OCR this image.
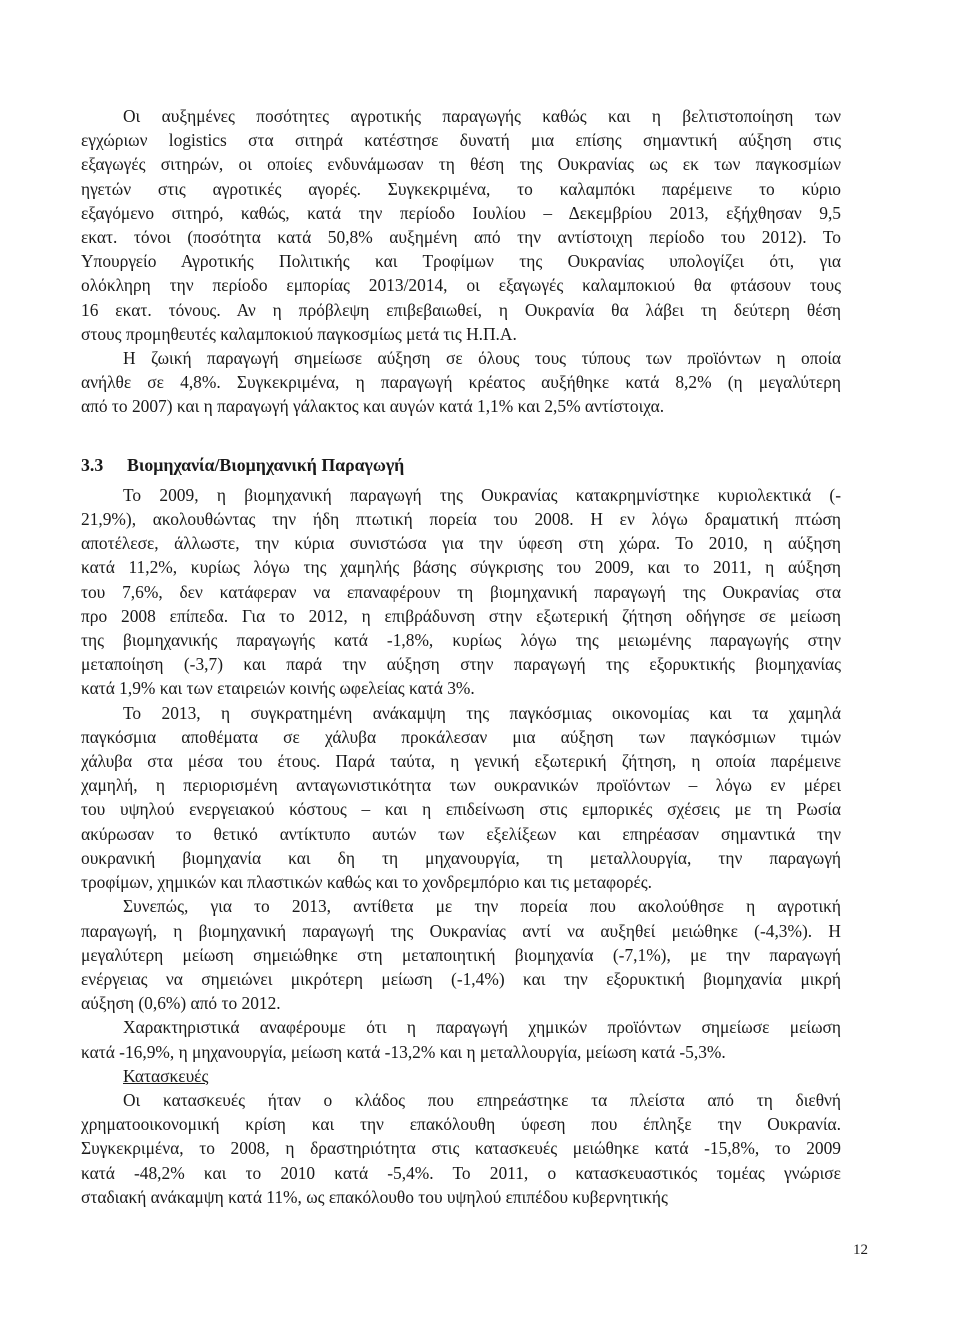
Οι αυξημένες ποσότητες αγροτικής παραγωγής καθώς και η βελτιστοποίηση των
εγχώριων logistics στα σιτηρά κατέστησε δυνατή μια επίσης σημαντική αύξηση στις
εξαγωγές σιτηρών, οι οποίες ενδυνάμωσαν τη θέση της Ουκρανίας ως εκ των παγκοσμίων
ηγετών στις αγροτικές αγορές. Συγκεκριμένα, το καλαμπόκι παρέμεινε το κύριο
εξαγόμενο σιτηρό, καθώς, κατά την περίοδο Ιουλίου – Δεκεμβρίου 2013, εξήχθησαν 9,5
εκατ. τόνοι (ποσότητα κατά 50,8% αυξημένη από την αντίστοιχη περίοδο του 2012). Το
Υπουργείο Αγροτικής Πολιτικής και Τροφίμων της Ουκρανίας υπολογίζει ότι, για
ολόκληρη την περίοδο εμπορίας 2013/2014, οι εξαγωγές καλαμποκιού θα φτάσουν τους
16 εκατ. τόνους. Αν η πρόβλεψη επιβεβαιωθεί, η Ουκρανία θα λάβει τη δεύτερη θέση
στους προμηθευτές καλαμποκιού παγκοσμίως μετά τις Η.Π.Α.

Η ζωική παραγωγή σημείωσε αύξηση σε όλους τους τύπους των προϊόντων η οποία
ανήλθε σε 4,8%. Συγκεκριμένα, η παραγωγή κρέατος αυξήθηκε κατά 8,2% (η μεγαλύτερη
από το 2007) και η παραγωγή γάλακτος και αυγών κατά 1,1% και 2,5% αντίστοιχα.

3.3	Βιομηχανία/Βιομηχανική Παραγωγή

Το 2009, η βιομηχανική παραγωγή της Ουκρανίας κατακρημνίστηκε κυριολεκτικά (-
21,9%), ακολουθώντας την ήδη πτωτική πορεία του 2008. Η εν λόγω δραματική πτώση
αποτέλεσε, άλλωστε, την κύρια συνιστώσα για την ύφεση στη χώρα. Το 2010, η αύξηση
κατά 11,2%, κυρίως λόγω της χαμηλής βάσης σύγκρισης του 2009, και το 2011, η αύξηση
του 7,6%, δεν κατάφεραν να επαναφέρουν τη βιομηχανική παραγωγή της Ουκρανίας στα
προ 2008 επίπεδα. Για το 2012, η επιβράδυνση στην εξωτερική ζήτηση οδήγησε σε μείωση
της βιομηχανικής παραγωγής κατά -1,8%, κυρίως λόγω της μειωμένης παραγωγής στην
μεταποίηση (-3,7) και παρά την αύξηση στην παραγωγή της εξορυκτικής βιομηχανίας
κατά 1,9% και των εταιρειών κοινής ωφελείας κατά 3%.

Το 2013, η συγκρατημένη ανάκαμψη της παγκόσμιας οικονομίας και τα χαμηλά
παγκόσμια αποθέματα σε χάλυβα προκάλεσαν μια αύξηση των παγκόσμιων τιμών
χάλυβα στα μέσα του έτους. Παρά ταύτα, η γενική εξωτερική ζήτηση, η οποία παρέμεινε
χαμηλή, η περιορισμένη ανταγωνιστικότητα των ουκρανικών προϊόντων – λόγω εν μέρει
του υψηλού ενεργειακού κόστους – και η επιδείνωση στις εμπορικές σχέσεις με τη Ρωσία
ακύρωσαν το θετικό αντίκτυπο αυτών των εξελίξεων και επηρέασαν σημαντικά την
ουκρανική βιομηχανία και δη τη μηχανουργία, τη μεταλλουργία, την παραγωγή
τροφίμων, χημικών και πλαστικών καθώς και το χονδρεμπόριο και τις μεταφορές.

Συνεπώς, για το 2013, αντίθετα με την πορεία που ακολούθησε η αγροτική
παραγωγή, η βιομηχανική παραγωγή της Ουκρανίας αντί να αυξηθεί μειώθηκε (-4,3%). Η
μεγαλύτερη μείωση σημειώθηκε στη μεταποιητική βιομηχανία (-7,1%), με την παραγωγή
ενέργειας να σημειώνει μικρότερη μείωση (-1,4%) και την εξορυκτική βιομηχανία μικρή
αύξηση (0,6%) από το 2012.

Χαρακτηριστικά αναφέρουμε ότι η παραγωγή χημικών προϊόντων σημείωσε μείωση
κατά -16,9%, η μηχανουργία, μείωση κατά -13,2% και η μεταλλουργία, μείωση κατά -5,3%.

Κατασκευές

Οι κατασκευές ήταν ο κλάδος που επηρεάστηκε τα πλείστα από τη διεθνή
χρηματοοικονομική κρίση και την επακόλουθη ύφεση που έπληξε την Ουκρανία.
Συγκεκριμένα, το 2008, η δραστηριότητα στις κατασκευές μειώθηκε κατά -15,8%, το 2009
κατά -48,2% και το 2010 κατά -5,4%. Το 2011, ο κατασκευαστικός τομέας γνώρισε
σταδιακή ανάκαμψη κατά 11%, ως επακόλουθο του υψηλού επιπέδου κυβερνητικής

12
